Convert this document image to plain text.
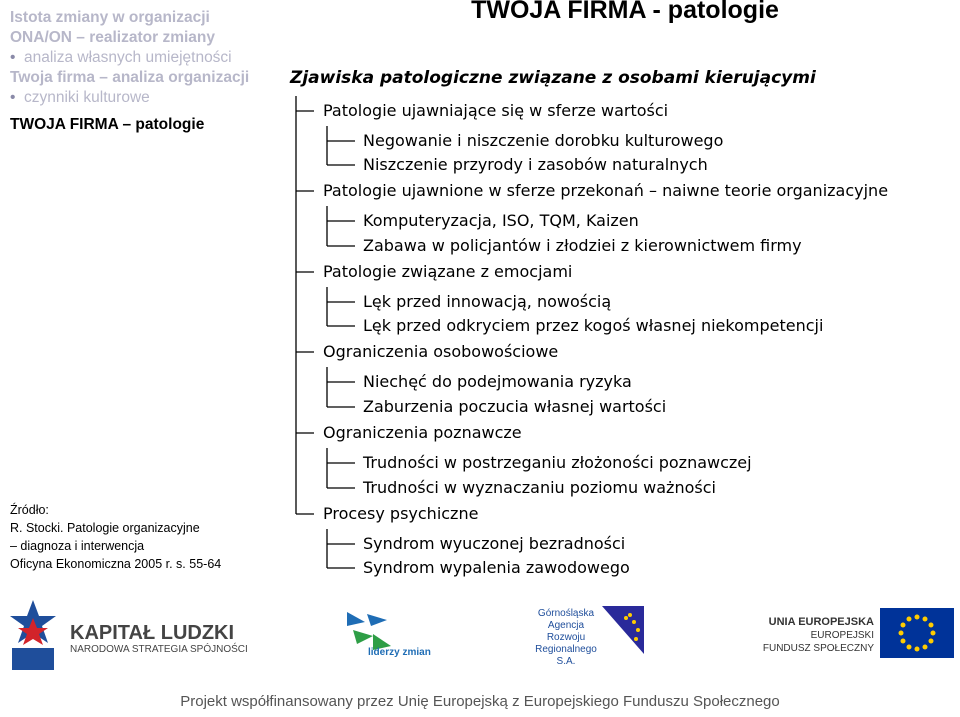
Istota zmiany w organizacji
ONA/ON – realizator zmiany
• analiza własnych umiejętności
Twoja firma – analiza organizacji
• czynniki kulturowe
TWOJA FIRMA – patologie
Źródło:
R. Stocki. Patologie organizacyjne
– diagnoza i interwencja
Oficyna Ekonomiczna 2005 r. s. 55-64
TWOJA FIRMA - patologie
Zjawiska patologiczne związane z osobami kierującymi
Patologie ujawniające się w sferze wartości
Negowanie i niszczenie dorobku kulturowego
Niszczenie przyrody i zasobów naturalnych
Patologie ujawnione w sferze przekonań – naiwne teorie organizacyjne
Komputeryzacja, ISO, TQM, Kaizen
Zabawa w policjantów i złodziei z kierownictwem firmy
Patologie związane z emocjami
Lęk przed innowacją, nowością
Lęk przed odkryciem przez kogoś własnej niekompetencji
Ograniczenia osobowościowe
Niechęć do podejmowania ryzyka
Zaburzenia poczucia własnej wartości
Ograniczenia poznawcze
Trudności w postrzeganiu złożoności poznawczej
Trudności w wyznaczaniu poziomu ważności
Procesy psychiczne
Syndrom wyuczonej bezradności
Syndrom wypalenia zawodowego
KAPITAŁ LUDZKI
NARODOWA STRATEGIA SPÓJNOŚCI	liderzy zmian
Górnośląska
Agencja Rozwoju
Regionalnego S.A.
UNIA EUROPEJSKA
EUROPEJSKI
FUNDUSZ SPOŁECZNY
Projekt współfinansowany przez Unię Europejską z Europejskiego Funduszu Społecznego
